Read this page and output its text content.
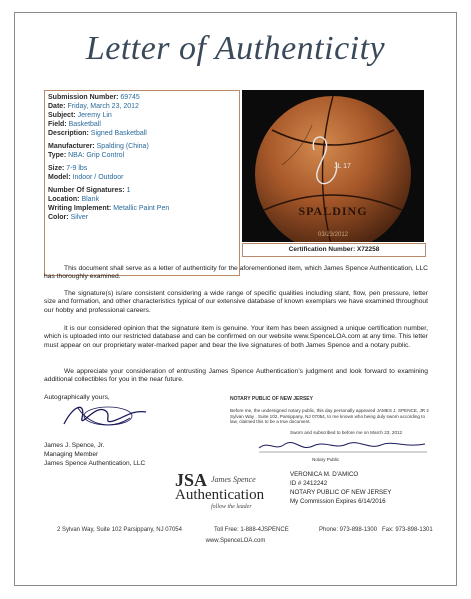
Letter of Authenticity
Submission Number: 69745
Date: Friday, March 23, 2012
Subject: Jeremy Lin
Field: Basketball
Description: Signed Basketball
Manufacturer: Spalding (China)
Type: NBA: Grip Control
Size: 7-9 lbs
Model: Indoor / Outdoor
Number Of Signatures: 1
Location: Blank
Writing Implement: Metallic Paint Pen
Color: Silver
JL 17
SPALDING
03/23/2012
Certification Number: X72258
This document shall serve as a letter of authenticity for the aforementioned item, which James Spence Authentication, LLC has thoroughly examined.
The signature(s) is/are consistent considering a wide range of specific qualities including slant, flow, pen pressure, letter size and formation, and other characteristics typical of our extensive database of known exemplars we have examined throughout our hobby and professional careers.
It is our considered opinion that the signature item is genuine. Your item has been assigned a unique certification number, which is uploaded into our restricted database and can be confirmed on our website www.SpenceLOA.com at any time. This letter must appear on our proprietary water-marked paper and bear the live signatures of both James Spence and a notary public.
We appreciate your consideration of entrusting James Spence Authentication’s judgment and look forward to examining additional collectibles for you in the near future.
Autographically yours,
James J. Spence, Jr.
Managing Member
James Spence Authentication, LLC
NOTARY PUBLIC OF NEW JERSEY
Before me, the undersigned notary public, this day personally appeared JAMES J. SPENCE, JR 2 Sylvan Way , Suite 102, Parsippany, NJ 07054, to me known who being duly sworn according to law, claimed this to be a true document.
Sworn and subscribed to before me on March 23, 2012
Notary Public
VERONICA M. D'AMICO
ID # 2412242
NOTARY PUBLIC OF NEW JERSEY
My Commission Expires 6/14/2016
JSA James Spence
Authentication
follow the leader
2 Sylvan Way, Suite 102 Parsippany, NJ 07054	Toll Free: 1-888-4JSPENCE	Phone: 973-898-1300 Fax: 973-898-1301
www.SpenceLOA.com
